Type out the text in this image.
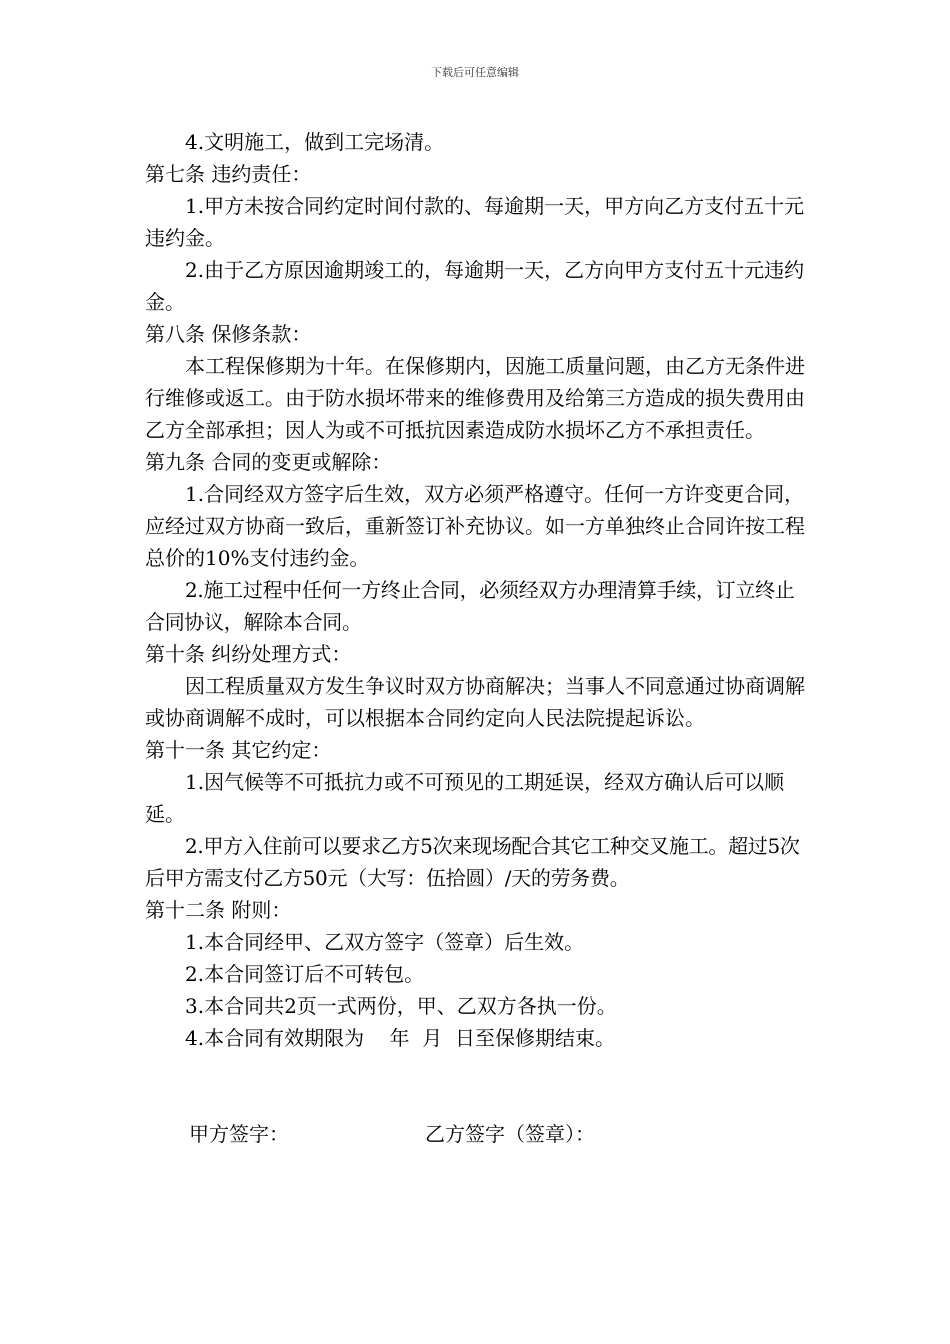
下载后可任意编辑

4.文明施工，做到工完场清。

第七条 违约责任：

1.甲方未按合同约定时间付款的、每逾期一天，甲方向乙方支付五十元违约金。

2.由于乙方原因逾期竣工的，每逾期一天，乙方向甲方支付五十元违约金。

第八条 保修条款：

本工程保修期为十年。在保修期内，因施工质量问题，由乙方无条件进行维修或返工。由于防水损坏带来的维修费用及给第三方造成的损失费用由乙方全部承担；因人为或不可抵抗因素造成防水损坏乙方不承担责任。

第九条 合同的变更或解除：

1.合同经双方签字后生效，双方必须严格遵守。任何一方许变更合同，应经过双方协商一致后，重新签订补充协议。如一方单独终止合同许按工程总价的10%支付违约金。

2.施工过程中任何一方终止合同，必须经双方办理清算手续，订立终止合同协议，解除本合同。

第十条 纠纷处理方式：

因工程质量双方发生争议时双方协商解决；当事人不同意通过协商调解或协商调解不成时，可以根据本合同约定向人民法院提起诉讼。

第十一条 其它约定：

1.因气候等不可抵抗力或不可预见的工期延误，经双方确认后可以顺延。

2.甲方入住前可以要求乙方5次来现场配合其它工种交叉施工。超过5次后甲方需支付乙方50元（大写：伍拾圆）/天的劳务费。

第十二条 附则：

1.本合同经甲、乙双方签字（签章）后生效。

2.本合同签订后不可转包。

3.本合同共2页一式两份，甲、乙双方各执一份。

4.本合同有效期限为    年  月  日至保修期结束。

甲方签字：	乙方签字（签章）：
